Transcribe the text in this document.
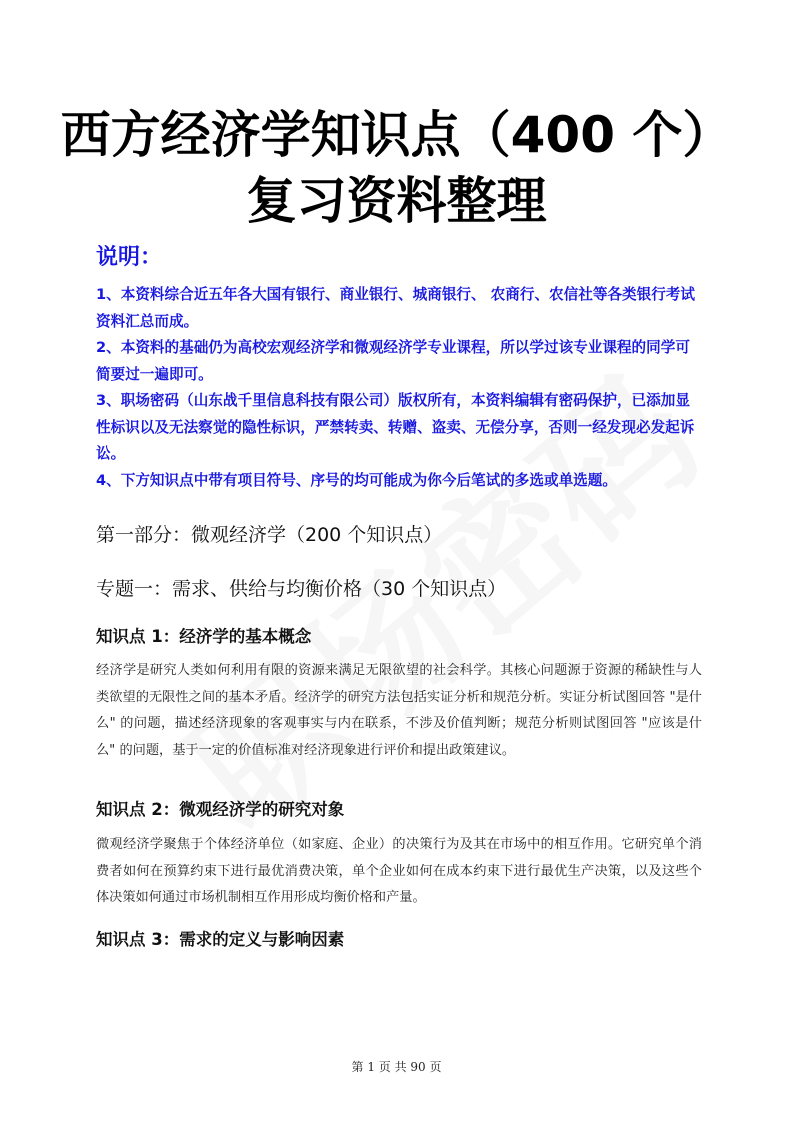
西方经济学知识点（400 个）
复习资料整理
说明：
1、本资料综合近五年各大国有银行、商业银行、城商银行、 农商行、农信社等各类银行考试资料汇总而成。
2、本资料的基础仍为高校宏观经济学和微观经济学专业课程，所以学过该专业课程的同学可简要过一遍即可。
3、职场密码（山东战千里信息科技有限公司）版权所有，本资料编辑有密码保护，已添加显性标识以及无法察觉的隐性标识，严禁转卖、转赠、盗卖、无偿分享，否则一经发现必发起诉讼。
4、下方知识点中带有项目符号、序号的均可能成为你今后笔试的多选或单选题。
第一部分：微观经济学（200 个知识点）
专题一：需求、供给与均衡价格（30 个知识点）
知识点 1：经济学的基本概念

经济学是研究人类如何利用有限的资源来满足无限欲望的社会科学。其核心问题源于资源的稀缺性与人类欲望的无限性之间的基本矛盾。经济学的研究方法包括实证分析和规范分析。实证分析试图回答 "是什么" 的问题，描述经济现象的客观事实与内在联系，不涉及价值判断；规范分析则试图回答 "应该是什么" 的问题，基于一定的价值标准对经济现象进行评价和提出政策建议。

知识点 2：微观经济学的研究对象

微观经济学聚焦于个体经济单位（如家庭、企业）的决策行为及其在市场中的相互作用。它研究单个消费者如何在预算约束下进行最优消费决策，单个企业如何在成本约束下进行最优生产决策，以及这些个体决策如何通过市场机制相互作用形成均衡价格和产量。

知识点 3：需求的定义与影响因素
第 1 页 共 90 页
